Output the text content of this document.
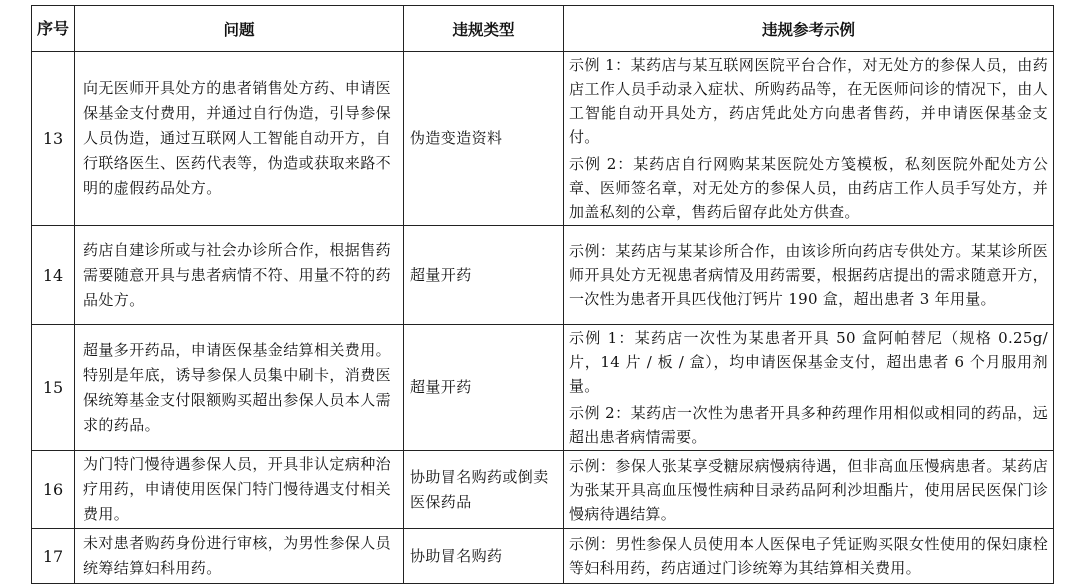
序号	问题	违规类型	违规参考示例
13	向无医师开具处方的患者销售处方药、申请医保基金支付费用，并通过自行伪造，引导参保人员伪造，通过互联网人工智能自动开方，自行联络医生、医药代表等，伪造或获取来路不明的虚假药品处方。	伪造变造资料	示例 1：某药店与某互联网医院平台合作，对无处方的参保人员，由药店工作人员手动录入症状、所购药品等，在无医师问诊的情况下，由人工智能自动开具处方，药店凭此处方向患者售药，并申请医保基金支付。
示例 2：某药店自行网购某某医院处方笺模板，私刻医院外配处方公章、医师签名章，对无处方的参保人员，由药店工作人员手写处方，并加盖私刻的公章，售药后留存此处方供查。

14	药店自建诊所或与社会办诊所合作，根据售药需要随意开具与患者病情不符、用量不符的药品处方。	超量开药	示例：某药店与某某诊所合作，由该诊所向药店专供处方。某某诊所医师开具处方无视患者病情及用药需要，根据药店提出的需求随意开方，一次性为患者开具匹伐他汀钙片 190 盒，超出患者 3 年用量。

15	超量多开药品，申请医保基金结算相关费用。特别是年底，诱导参保人员集中刷卡，消费医保统筹基金支付限额购买超出参保人员本人需求的药品。	超量开药	示例 1：某药店一次性为某患者开具 50 盒阿帕替尼（规格 0.25g/片，14 片 / 板 / 盒），均申请医保基金支付，超出患者 6 个月服用剂量。
示例 2：某药店一次性为患者开具多种药理作用相似或相同的药品，远超出患者病情需要。

16	为门特门慢待遇参保人员，开具非认定病种治疗用药，申请使用医保门特门慢待遇支付相关费用。	协助冒名购药或倒卖医保药品	示例：参保人张某享受糖尿病慢病待遇，但非高血压慢病患者。某药店为张某开具高血压慢性病种目录药品阿利沙坦酯片，使用居民医保门诊慢病待遇结算。

17	未对患者购药身份进行审核，为男性参保人员统筹结算妇科用药。	协助冒名购药	示例：男性参保人员使用本人医保电子凭证购买限女性使用的保妇康栓等妇科用药，药店通过门诊统筹为其结算相关费用。
